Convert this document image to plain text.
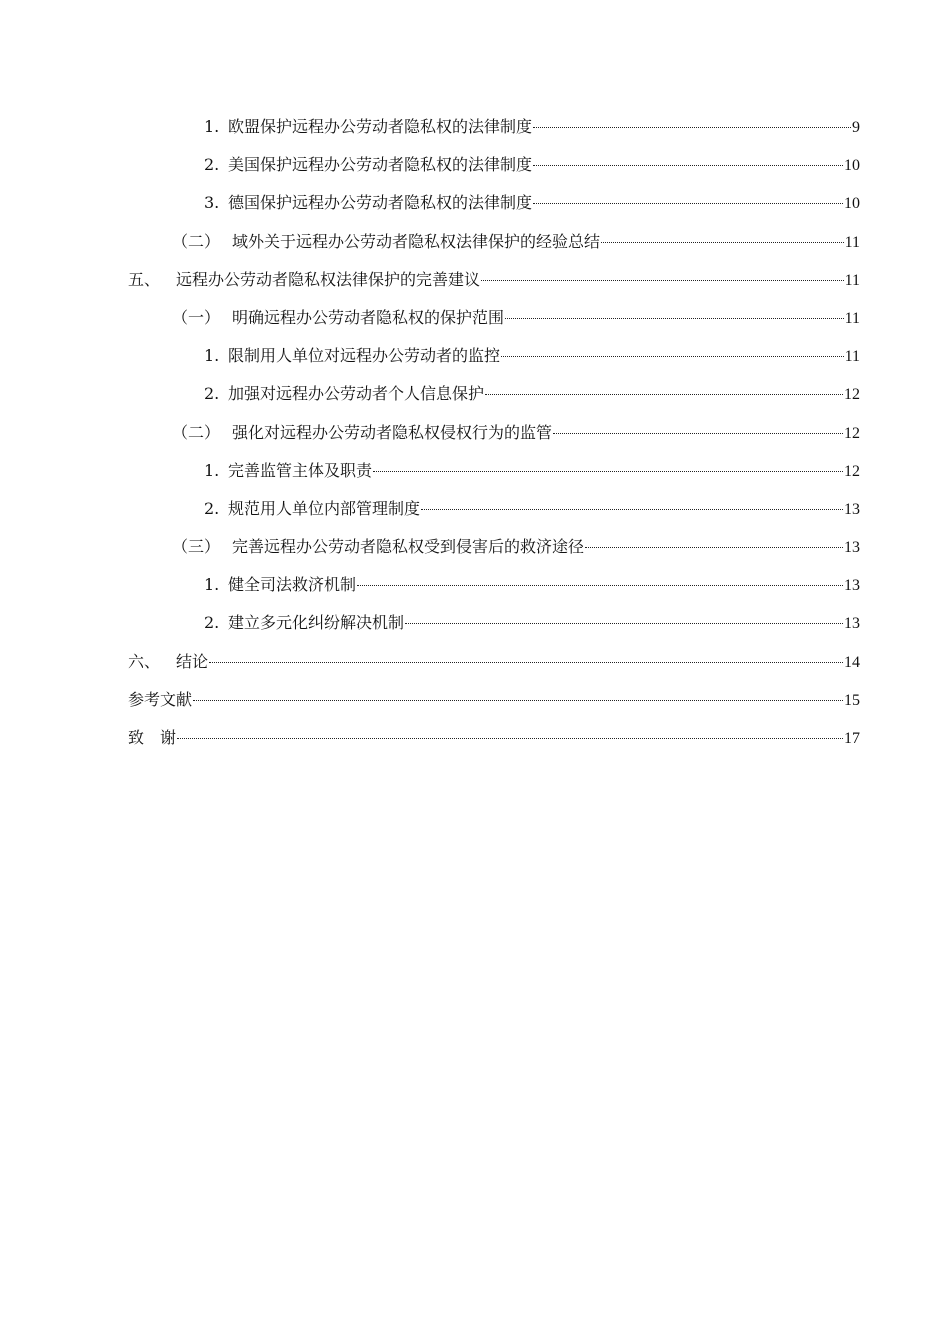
1. 欧盟保护远程办公劳动者隐私权的法律制度	9
2. 美国保护远程办公劳动者隐私权的法律制度	10
3. 德国保护远程办公劳动者隐私权的法律制度	10
（二） 域外关于远程办公劳动者隐私权法律保护的经验总结	11
五、 远程办公劳动者隐私权法律保护的完善建议	11
（一） 明确远程办公劳动者隐私权的保护范围	11
1. 限制用人单位对远程办公劳动者的监控	11
2. 加强对远程办公劳动者个人信息保护	12
（二） 强化对远程办公劳动者隐私权侵权行为的监管	12
1. 完善监管主体及职责	12
2. 规范用人单位内部管理制度	13
（三） 完善远程办公劳动者隐私权受到侵害后的救济途径	13
1. 健全司法救济机制	13
2. 建立多元化纠纷解决机制	13
六、 结论	14
参考文献	15
致　谢	17
